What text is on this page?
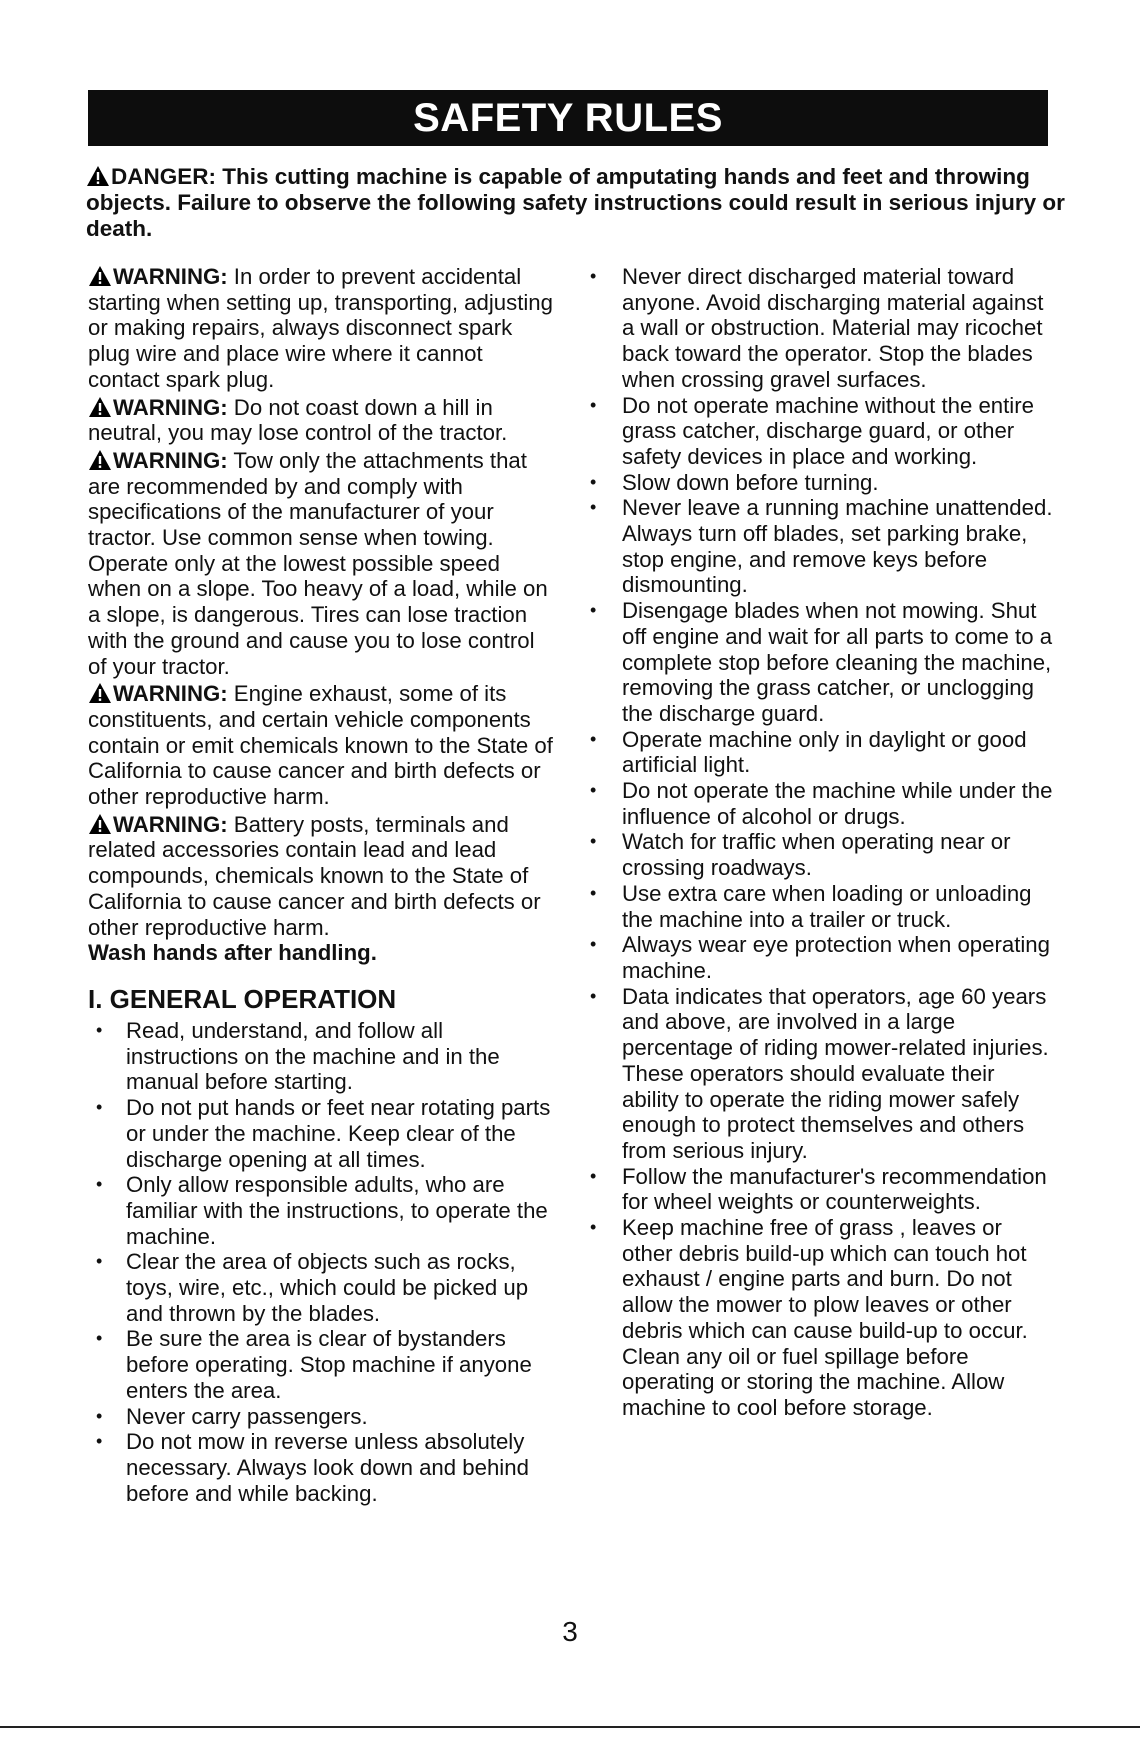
SAFETY RULES
DANGER: This cutting machine is capable of amputating hands and feet and throwing objects. Failure to observe the following safety instructions could result in serious injury or death.
WARNING: In order to prevent accidental starting when setting up, transporting, adjusting or making repairs, always disconnect spark plug wire and place wire where it cannot contact spark plug.
WARNING: Do not coast down a hill in neutral, you may lose control of the tractor.
WARNING: Tow only the attachments that are recommended by and comply with specifications of the manufacturer of your tractor. Use common sense when towing. Operate only at the lowest possible speed when on a slope. Too heavy of a load, while on a slope, is dangerous. Tires can lose traction with the ground and cause you to lose control of your tractor.
WARNING: Engine exhaust, some of its constituents, and certain vehicle components contain or emit chemicals known to the State of California to cause cancer and birth defects or other reproductive harm.
WARNING: Battery posts, terminals and related accessories contain lead and lead compounds, chemicals known to the State of California to cause cancer and birth defects or other reproductive harm.
Wash hands after handling.
I. GENERAL OPERATION
• Read, understand, and follow all instructions on the machine and in the manual before starting.
• Do not put hands or feet near rotating parts or under the machine. Keep clear of the discharge opening at all times.
• Only allow responsible adults, who are familiar with the instructions, to operate the machine.
• Clear the area of objects such as rocks, toys, wire, etc., which could be picked up and thrown by the blades.
• Be sure the area is clear of bystanders before operating. Stop machine if anyone enters the area.
• Never carry passengers.
• Do not mow in reverse unless absolutely necessary. Always look down and behind before and while backing.
• Never direct discharged material toward anyone. Avoid discharging material against a wall or obstruction. Material may ricochet back toward the operator. Stop the blades when crossing gravel surfaces.
• Do not operate machine without the entire grass catcher, discharge guard, or other safety devices in place and working.
• Slow down before turning.
• Never leave a running machine unattended. Always turn off blades, set parking brake, stop engine, and remove keys before dismounting.
• Disengage blades when not mowing. Shut off engine and wait for all parts to come to a complete stop before cleaning the machine, removing the grass catcher, or unclogging the discharge guard.
• Operate machine only in daylight or good artificial light.
• Do not operate the machine while under the influence of alcohol or drugs.
• Watch for traffic when operating near or crossing roadways.
• Use extra care when loading or unloading the machine into a trailer or truck.
• Always wear eye protection when operating machine.
• Data indicates that operators, age 60 years and above, are involved in a large percentage of riding mower-related injuries. These operators should evaluate their ability to operate the riding mower safely enough to protect themselves and others from serious injury.
• Follow the manufacturer's recommendation for wheel weights or counterweights.
• Keep machine free of grass , leaves or other debris build-up which can touch hot exhaust / engine parts and burn. Do not allow the mower to plow leaves or other debris which can cause build-up to occur. Clean any oil or fuel spillage before operating or storing the machine. Allow machine to cool before storage.
3
